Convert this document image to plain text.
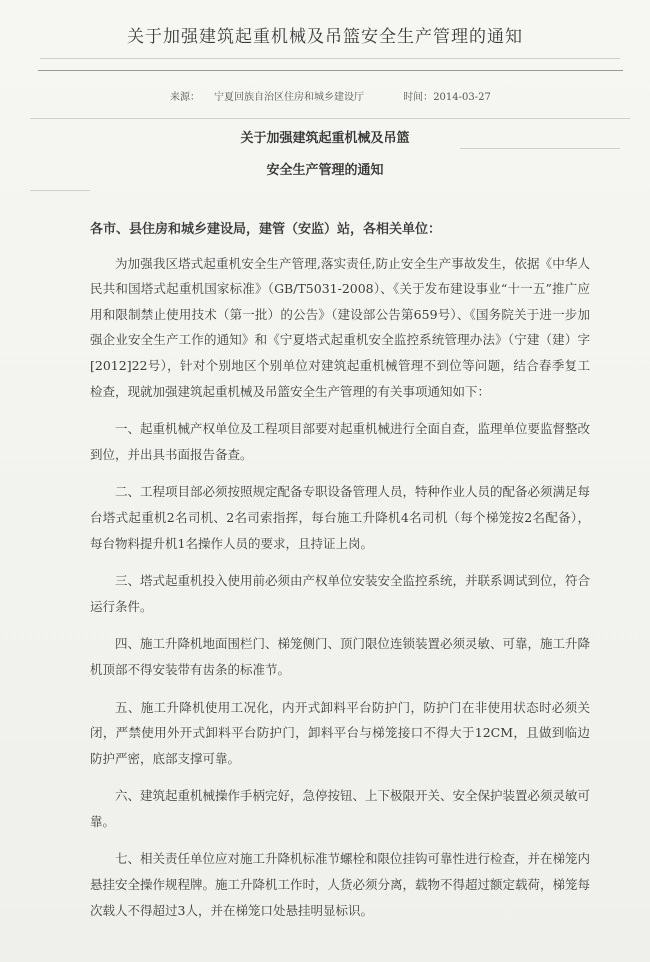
关于加强建筑起重机械及吊篮安全生产管理的通知
来源： 宁夏回族自治区住房和城乡建设厅	时间：2014-03-27
关于加强建筑起重机械及吊篮
安全生产管理的通知

各市、县住房和城乡建设局，建管（安监）站，各相关单位：

为加强我区塔式起重机安全生产管理,落实责任,防止安全生产事故发生，依据《中华人民共和国塔式起重机国家标准》（GB/T5031-2008）、《关于发布建设事业“十一五”推广应用和限制禁止使用技术（第一批）的公告》（建设部公告第659号）、《国务院关于进一步加强企业安全生产工作的通知》和《宁夏塔式起重机安全监控系统管理办法》（宁建（建）字[2012]22号），针对个别地区个别单位对建筑起重机械管理不到位等问题，结合春季复工检查，现就加强建筑起重机械及吊篮安全生产管理的有关事项通知如下：

一、起重机械产权单位及工程项目部要对起重机械进行全面自查，监理单位要监督整改到位，并出具书面报告备查。

二、工程项目部必须按照规定配备专职设备管理人员，特种作业人员的配备必须满足每台塔式起重机2名司机、2名司索指挥，每台施工升降机4名司机（每个梯笼按2名配备），每台物料提升机1名操作人员的要求，且持证上岗。

三、塔式起重机投入使用前必须由产权单位安装安全监控系统，并联系调试到位，符合运行条件。

四、施工升降机地面围栏门、梯笼侧门、顶门限位连锁装置必须灵敏、可靠，施工升降机顶部不得安装带有齿条的标准节。

五、施工升降机使用工况化，内开式卸料平台防护门，防护门在非使用状态时必须关闭，严禁使用外开式卸料平台防护门，卸料平台与梯笼接口不得大于12CM，且做到临边防护严密，底部支撑可靠。

六、建筑起重机械操作手柄完好，急停按钮、上下极限开关、安全保护装置必须灵敏可靠。

七、相关责任单位应对施工升降机标准节螺栓和限位挂钩可靠性进行检查，并在梯笼内悬挂安全操作规程牌。施工升降机工作时，人货必须分离，载物不得超过额定载荷，梯笼每次载人不得超过3人，并在梯笼口处悬挂明显标识。
